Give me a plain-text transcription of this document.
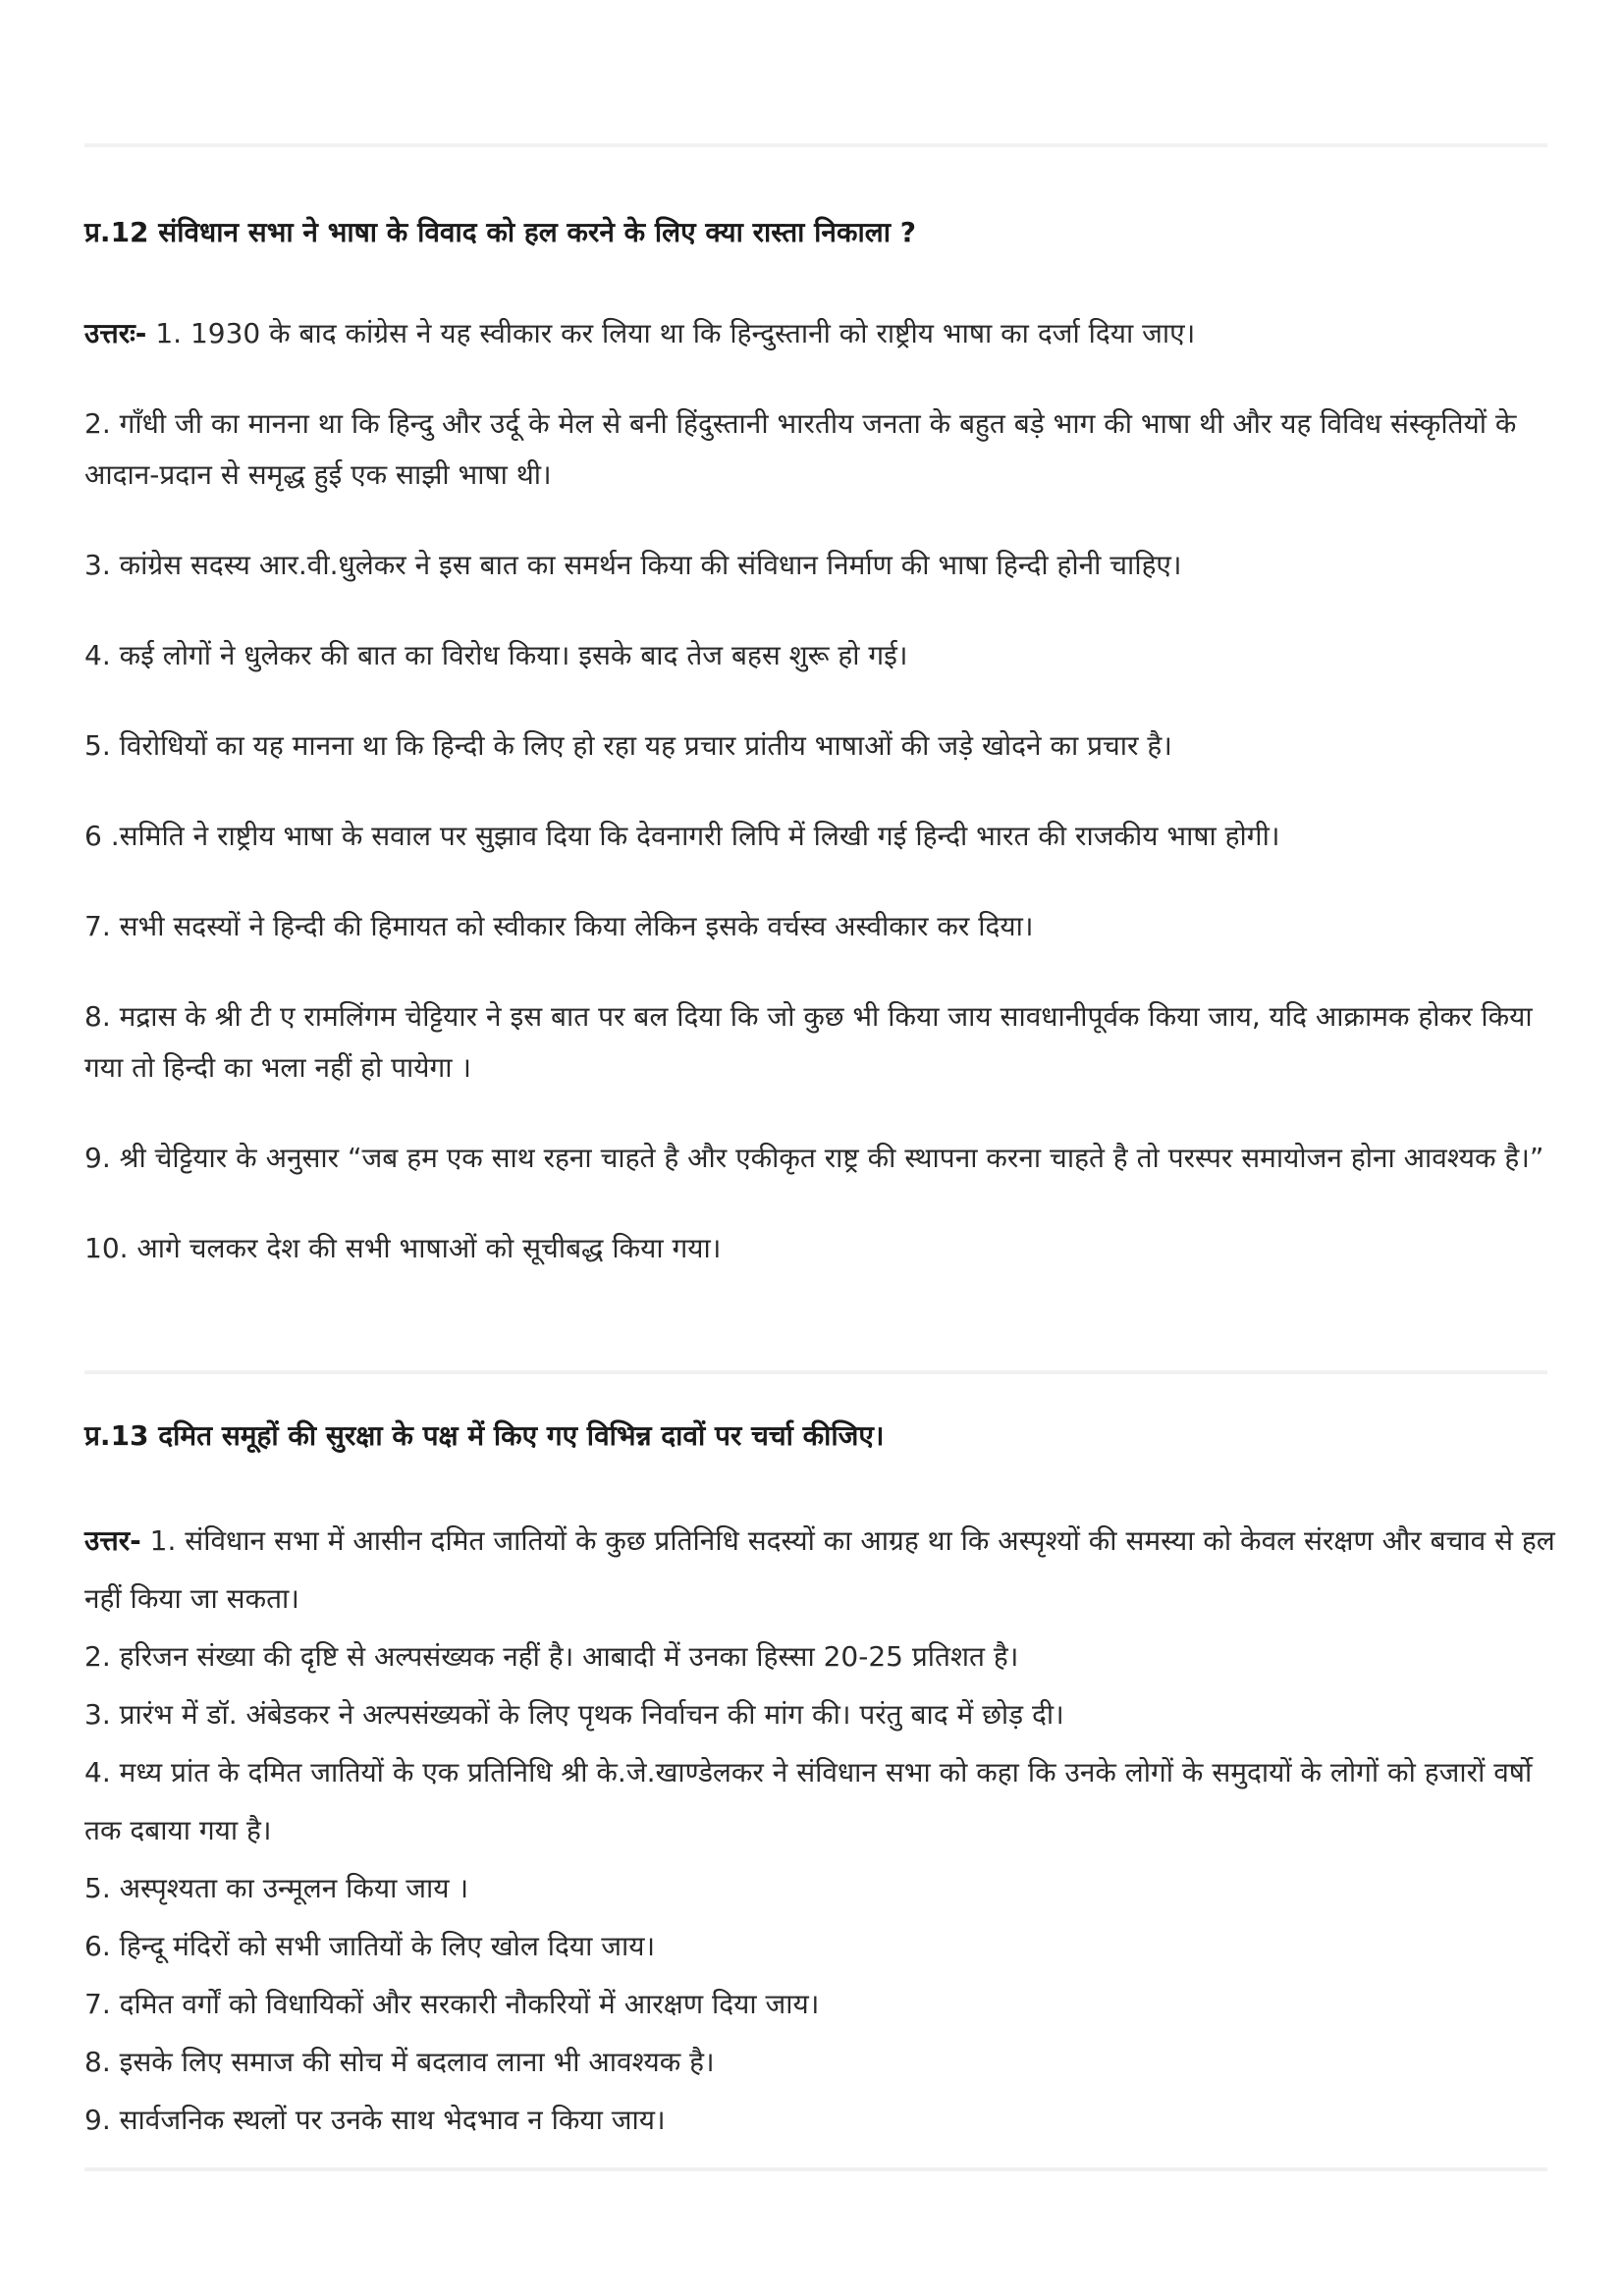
प्र.12 संविधान सभा ने भाषा के विवाद को हल करने के लिए क्या रास्ता निकाला ?

उत्तरः- 1. 1930 के बाद कांग्रेस ने यह स्वीकार कर लिया था कि हिन्दुस्तानी को राष्ट्रीय भाषा का दर्जा दिया जाए।

2. गाँधी जी का मानना था कि हिन्दु और उर्दू के मेल से बनी हिंदुस्तानी भारतीय जनता के बहुत बड़े भाग की भाषा थी और यह विविध संस्कृतियों के आदान-प्रदान से समृद्ध हुई एक साझी भाषा थी।

3. कांग्रेस सदस्य आर.वी.धुलेकर ने इस बात का समर्थन किया की संविधान निर्माण की भाषा हिन्दी होनी चाहिए।

4. कई लोगों ने धुलेकर की बात का विरोध किया। इसके बाद तेज बहस शुरू हो गई।

5. विरोधियों का यह मानना था कि हिन्दी के लिए हो रहा यह प्रचार प्रांतीय भाषाओं की जड़े खोदने का प्रचार है।

6 .समिति ने राष्ट्रीय भाषा के सवाल पर सुझाव दिया कि देवनागरी लिपि में लिखी गई हिन्दी भारत की राजकीय भाषा होगी।

7. सभी सदस्यों ने हिन्दी की हिमायत को स्वीकार किया लेकिन इसके वर्चस्व अस्वीकार कर दिया।

8. मद्रास के श्री टी ए रामलिंगम चेट्टियार ने इस बात पर बल दिया कि जो कुछ भी किया जाय सावधानीपूर्वक किया जाय, यदि आक्रामक होकर किया गया तो हिन्दी का भला नहीं हो पायेगा ।

9. श्री चेट्टियार के अनुसार “जब हम एक साथ रहना चाहते है और एकीकृत राष्ट्र की स्थापना करना चाहते है तो परस्पर समायोजन होना आवश्यक है।”

10. आगे चलकर देश की सभी भाषाओं को सूचीबद्ध किया गया।

प्र.13 दमित समूहों की सुरक्षा के पक्ष में किए गए विभिन्न दावों पर चर्चा कीजिए।

उत्तर- 1. संविधान सभा में आसीन दमित जातियों के कुछ प्रतिनिधि सदस्यों का आग्रह था कि अस्पृश्यों की समस्या को केवल संरक्षण और बचाव से हल नहीं किया जा सकता।

2. हरिजन संख्या की दृष्टि से अल्पसंख्यक नहीं है। आबादी में उनका हिस्सा 20-25 प्रतिशत है।

3. प्रारंभ में डॉ. अंबेडकर ने अल्पसंख्यकों के लिए पृथक निर्वाचन की मांग की। परंतु बाद में छोड़ दी।

4. मध्य प्रांत के दमित जातियों के एक प्रतिनिधि श्री के.जे.खाण्डेलकर ने संविधान सभा को कहा कि उनके लोगों के समुदायों के लोगों को हजारों वर्षो तक दबाया गया है।

5. अस्पृश्यता का उन्मूलन किया जाय ।

6. हिन्दू मंदिरों को सभी जातियों के लिए खोल दिया जाय।

7. दमित वर्गों को विधायिकों और सरकारी नौकरियों में आरक्षण दिया जाय।

8. इसके लिए समाज की सोच में बदलाव लाना भी आवश्यक है।

9. सार्वजनिक स्थलों पर उनके साथ भेदभाव न किया जाय।
